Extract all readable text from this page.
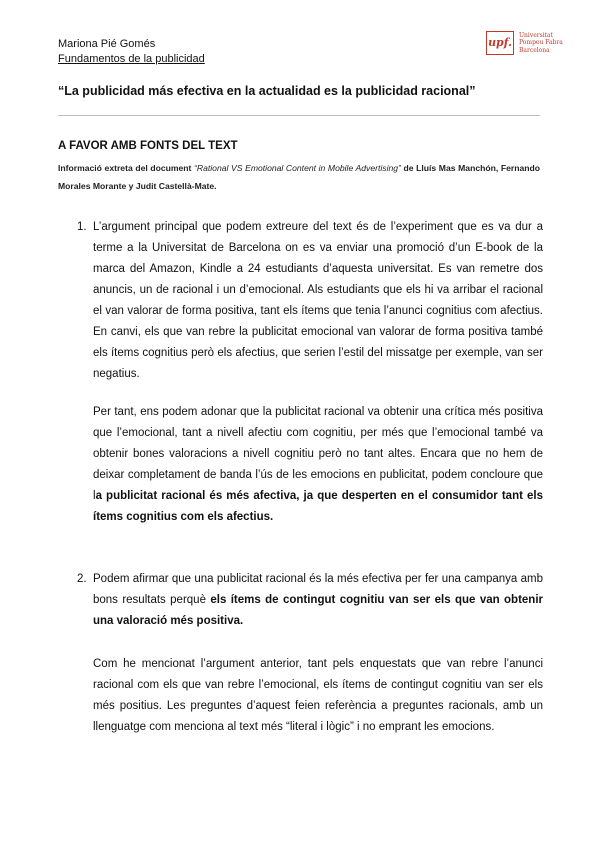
Mariona Pié Gomés
Fundamentos de la publicidad
upf.
Universitat
Pompeu Fabra
Barcelona
“La publicidad más efectiva en la actualidad es la publicidad racional”
A FAVOR AMB FONTS DEL TEXT
Informació extreta del document “Rational VS Emotional Content in Mobile Advertising” de Lluís Mas Manchón, Fernando Morales Morante y Judit Castellà-Mate.
1. L’argument principal que podem extreure del text és de l’experiment que es va dur a terme a la Universitat de Barcelona on es va enviar una promoció d’un E-book de la marca del Amazon, Kindle a 24 estudiants d’aquesta universitat. Es van remetre dos anuncis, un de racional i un d’emocional. Als estudiants que els hi va arribar el racional el van valorar de forma positiva, tant els ítems que tenia l’anunci cognitius com afectius. En canvi, els que van rebre la publicitat emocional van valorar de forma positiva també els ítems cognitius però els afectius, que serien l’estil del missatge per exemple, van ser negatius.
Per tant, ens podem adonar que la publicitat racional va obtenir una crítica més positiva que l’emocional, tant a nivell afectiu com cognitiu, per més que l’emocional també va obtenir bones valoracions a nivell cognitiu però no tant altes. Encara que no hem de deixar completament de banda l’ús de les emocions en publicitat, podem concloure que la publicitat racional és més afectiva, ja que desperten en el consumidor tant els ítems cognitius com els afectius.
2. Podem afirmar que una publicitat racional és la més efectiva per fer una campanya amb bons resultats perquè els ítems de contingut cognitiu van ser els que van obtenir una valoració més positiva.
Com he mencionat l’argument anterior, tant pels enquestats que van rebre l’anunci racional com els que van rebre l’emocional, els ítems de contingut cognitiu van ser els més positius. Les preguntes d’aquest feien referència a preguntes racionals, amb un llenguatge com menciona al text més “literal i lògic” i no emprant les emocions.
